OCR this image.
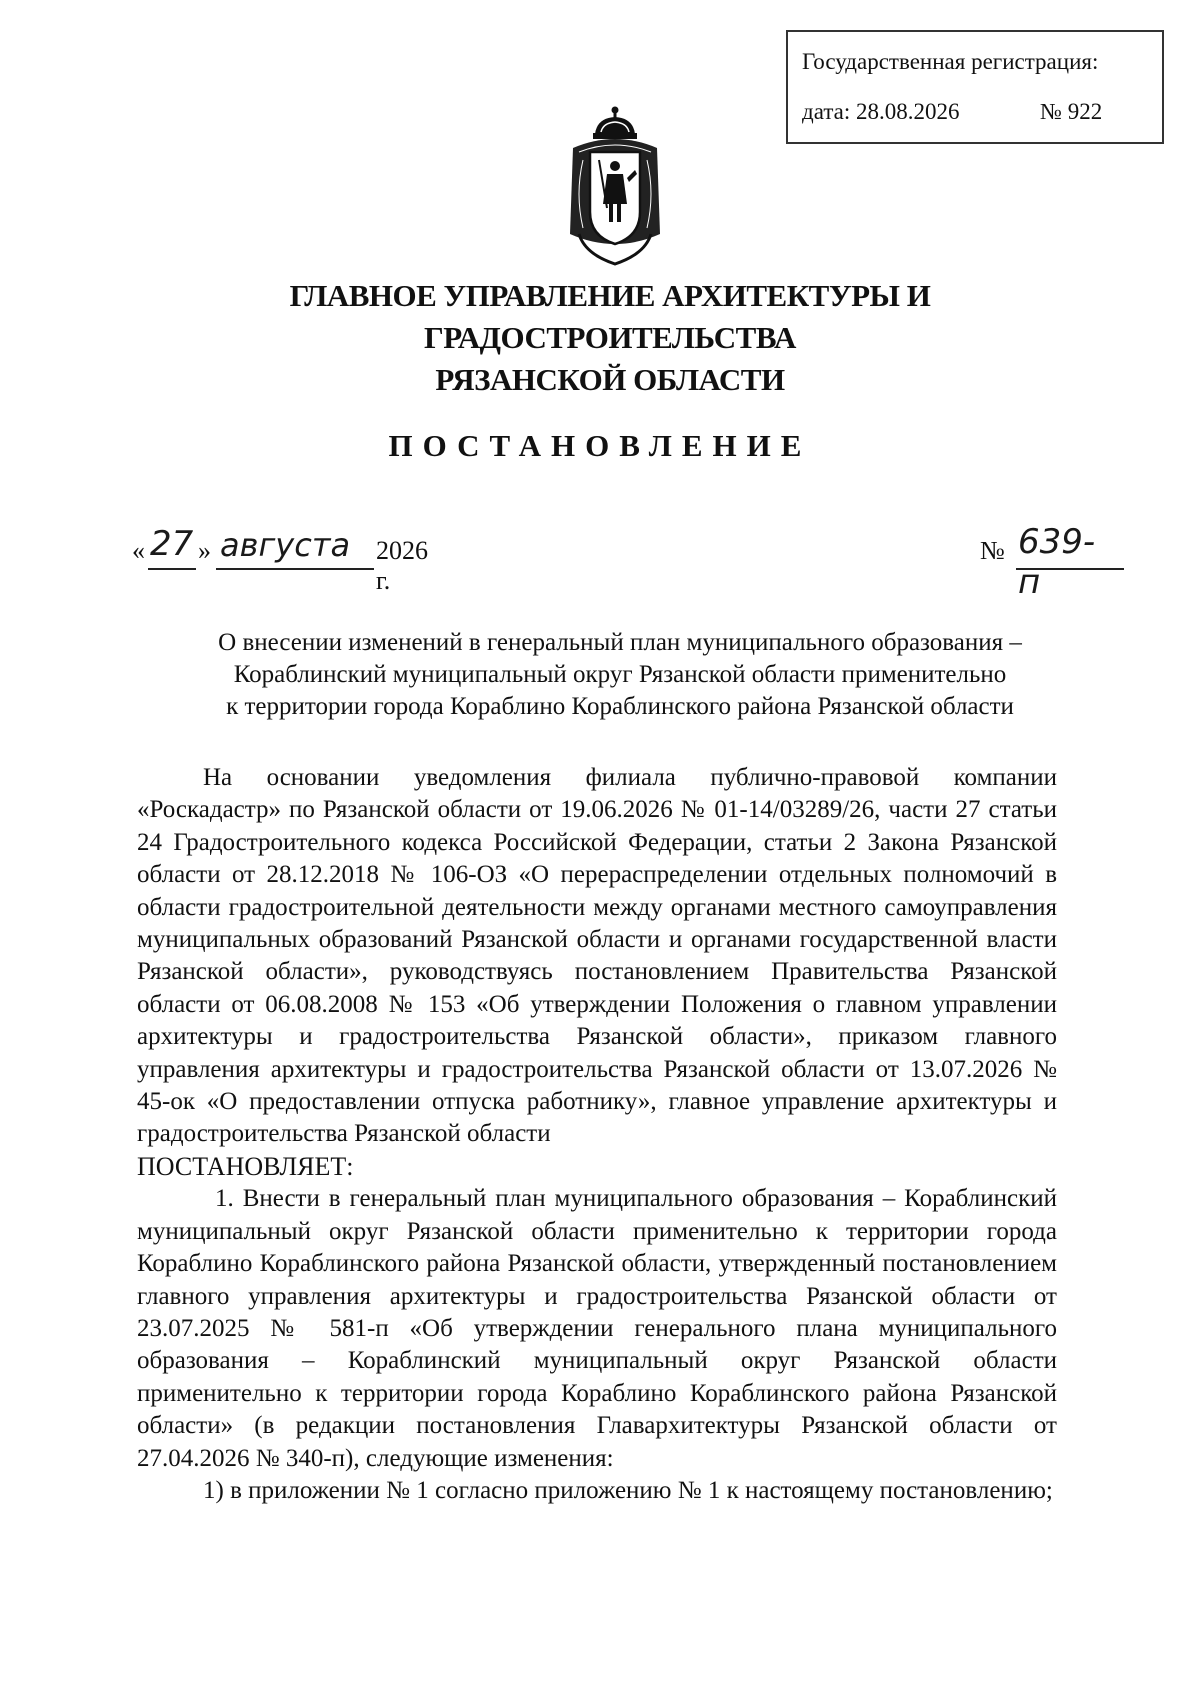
Государственная регистрация:
дата: 28.08.2026	№ 922
ГЛАВНОЕ УПРАВЛЕНИЕ АРХИТЕКТУРЫ И ГРАДОСТРОИТЕЛЬСТВА
РЯЗАНСКОЙ ОБЛАСТИ
ПОСТАНОВЛЕНИЕ
« 27 » августа 2026 г.
№ 639-п
О внесении изменений в генеральный план муниципального образования –
Кораблинский муниципальный округ Рязанской области применительно
к территории города Кораблино Кораблинского района Рязанской области

На основании уведомления филиала публично-правовой компании «Роскадастр» по Рязанской области от 19.06.2026 № 01-14/03289/26, части 27 статьи 24 Градостроительного кодекса Российской Федерации, статьи 2 Закона Рязанской области от 28.12.2018 № 106-ОЗ «О перераспределении отдельных полномочий в области градостроительной деятельности между органами местного самоуправления муниципальных образований Рязанской области и органами государственной власти Рязанской области», руководствуясь постановлением Правительства Рязанской области от 06.08.2008 № 153 «Об утверждении Положения о главном управлении архитектуры и градостроительства Рязанской области», приказом главного управления архитектуры и градостроительства Рязанской области от 13.07.2026 № 45-ок «О предоставлении отпуска работнику», главное управление архитектуры и градостроительства Рязанской области

ПОСТАНОВЛЯЕТ:

1. Внести в генеральный план муниципального образования – Кораблинский муниципальный округ Рязанской области применительно к территории города Кораблино Кораблинского района Рязанской области, утвержденный постановлением главного управления архитектуры и градостроительства Рязанской области от 23.07.2025 № 581-п «Об утверждении генерального плана муниципального образования – Кораблинский муниципальный округ Рязанской области применительно к территории города Кораблино Кораблинского района Рязанской области» (в редакции постановления Главархитектуры Рязанской области от 27.04.2026 № 340-п), следующие изменения:

1) в приложении № 1 согласно приложению № 1 к настоящему постановлению;
